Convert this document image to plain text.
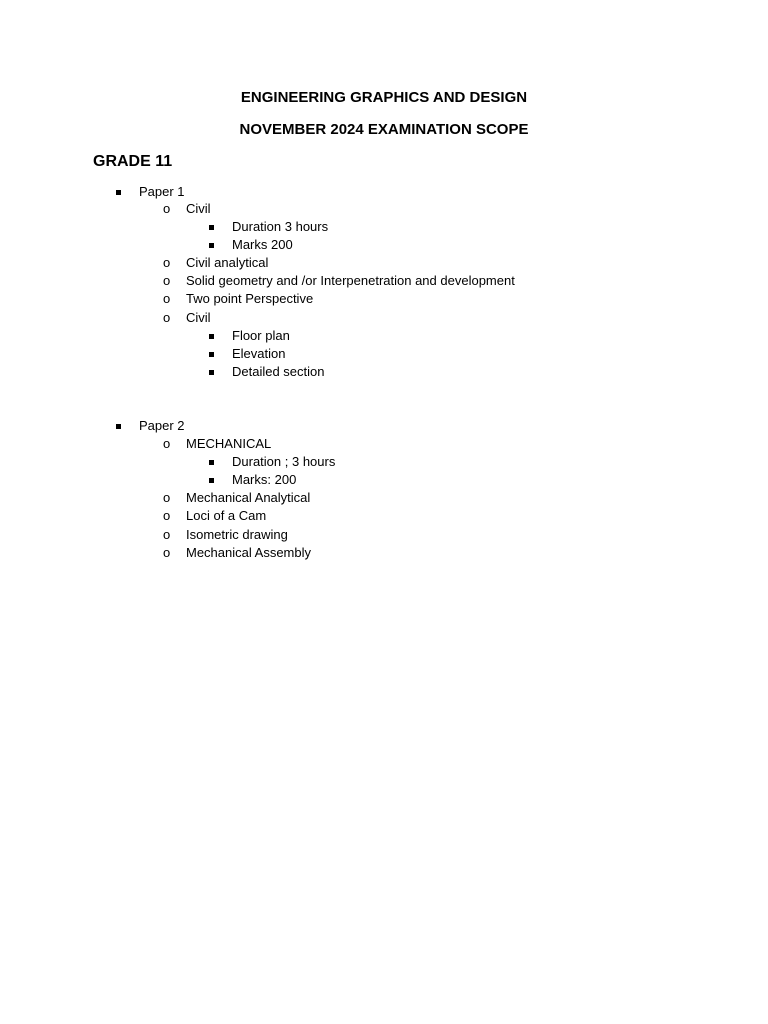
ENGINEERING GRAPHICS AND DESIGN
NOVEMBER 2024 EXAMINATION SCOPE
GRADE 11
Paper 1
o Civil
Duration 3 hours
Marks 200
o Civil analytical
o Solid geometry and /or Interpenetration and development
o Two point Perspective
o Civil
Floor plan
Elevation
Detailed section
Paper 2
o MECHANICAL
Duration ; 3 hours
Marks: 200
o Mechanical Analytical
o Loci of a Cam
o Isometric drawing
o Mechanical Assembly
